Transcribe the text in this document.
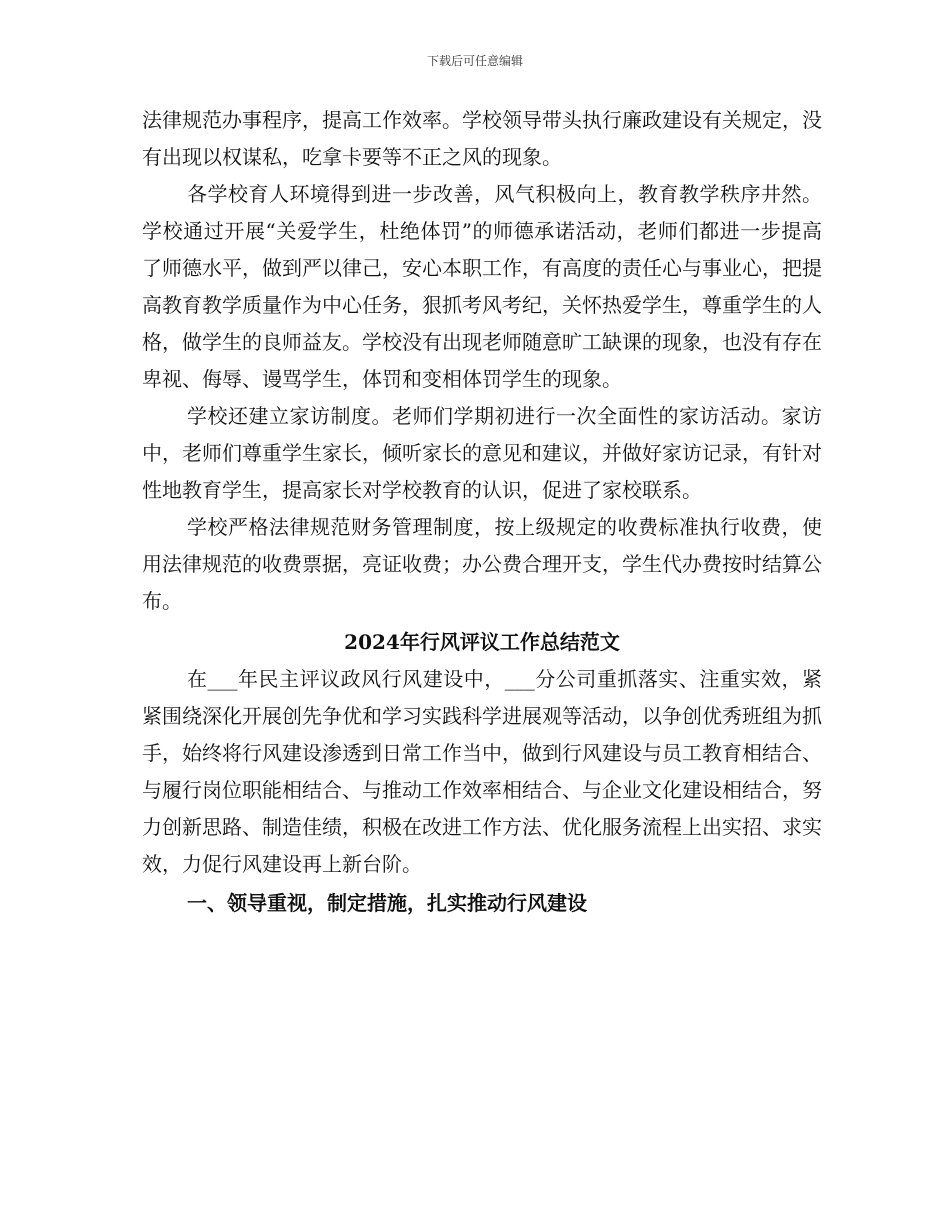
下载后可任意编辑

法律规范办事程序，提高工作效率。学校领导带头执行廉政建设有关规定，没有出现以权谋私，吃拿卡要等不正之风的现象。

各学校育人环境得到进一步改善，风气积极向上，教育教学秩序井然。学校通过开展“关爱学生，杜绝体罚”的师德承诺活动，老师们都进一步提高了师德水平，做到严以律己，安心本职工作，有高度的责任心与事业心，把提高教育教学质量作为中心任务，狠抓考风考纪，关怀热爱学生，尊重学生的人格，做学生的良师益友。学校没有出现老师随意旷工缺课的现象，也没有存在卑视、侮辱、谩骂学生，体罚和变相体罚学生的现象。

学校还建立家访制度。老师们学期初进行一次全面性的家访活动。家访中，老师们尊重学生家长，倾听家长的意见和建议，并做好家访记录，有针对性地教育学生，提高家长对学校教育的认识，促进了家校联系。

学校严格法律规范财务管理制度，按上级规定的收费标准执行收费，使用法律规范的收费票据，亮证收费；办公费合理开支，学生代办费按时结算公布。

2024年行风评议工作总结范文

在___年民主评议政风行风建设中，___分公司重抓落实、注重实效，紧紧围绕深化开展创先争优和学习实践科学进展观等活动，以争创优秀班组为抓手，始终将行风建设渗透到日常工作当中，做到行风建设与员工教育相结合、与履行岗位职能相结合、与推动工作效率相结合、与企业文化建设相结合，努力创新思路、制造佳绩，积极在改进工作方法、优化服务流程上出实招、求实效，力促行风建设再上新台阶。

一、领导重视，制定措施，扎实推动行风建设
